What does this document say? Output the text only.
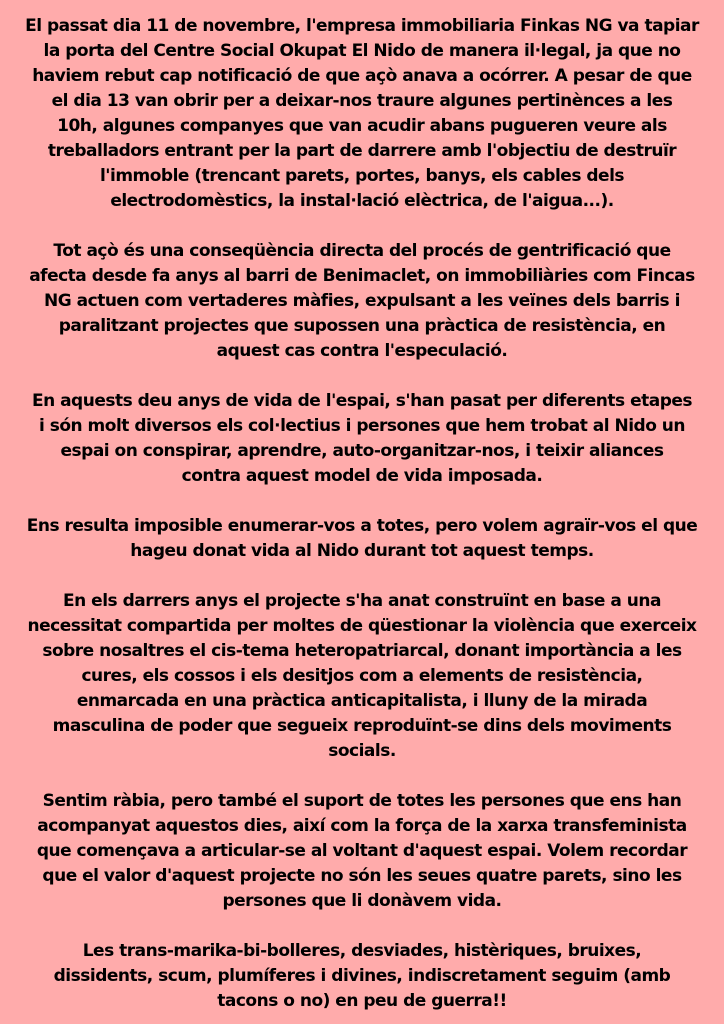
El passat dia 11 de novembre, l'empresa immobiliaria Finkas NG va tapiar
la porta del Centre Social Okupat El Nido de manera il·legal, ja que no
haviem rebut cap notificació de que açò anava a ocórrer. A pesar de que
el dia 13 van obrir per a deixar-nos traure algunes pertinènces a les
10h, algunes companyes que van acudir abans pugueren veure als
treballadors entrant per la part de darrere amb l'objectiu de destruïr
l'immoble (trencant parets, portes, banys, els cables dels
electrodomèstics, la instal·lació elèctrica, de l'aigua...).

Tot açò és una conseqüència directa del procés de gentrificació que
afecta desde fa anys al barri de Benimaclet, on immobiliàries com Fincas
NG actuen com vertaderes màfies, expulsant a les veïnes dels barris i
paralitzant projectes que supossen una pràctica de resistència, en
aquest cas contra l'especulació.

En aquests deu anys de vida de l'espai, s'han pasat per diferents etapes
i són molt diversos els col·lectius i persones que hem trobat al Nido un
espai on conspirar, aprendre, auto-organitzar-nos, i teixir aliances
contra aquest model de vida imposada.

Ens resulta imposible enumerar-vos a totes, pero volem agraïr-vos el que
hageu donat vida al Nido durant tot aquest temps.

En els darrers anys el projecte s'ha anat construïnt en base a una
necessitat compartida per moltes de qüestionar la violència que exerceix
sobre nosaltres el cis-tema heteropatriarcal, donant importància a les
cures, els cossos i els desitjos com a elements de resistència,
enmarcada en una pràctica anticapitalista, i lluny de la mirada
masculina de poder que segueix reproduïnt-se dins dels moviments
socials.

Sentim ràbia, pero també el suport de totes les persones que ens han
acompanyat aquestos dies, així com la força de la xarxa transfeminista
que començava a articular-se al voltant d'aquest espai. Volem recordar
que el valor d'aquest projecte no són les seues quatre parets, sino les
persones que li donàvem vida.

Les trans-marika-bi-bolleres, desviades, histèriques, bruixes,
dissidents, scum, plumíferes i divines, indiscretament seguim (amb
tacons o no) en peu de guerra!!
